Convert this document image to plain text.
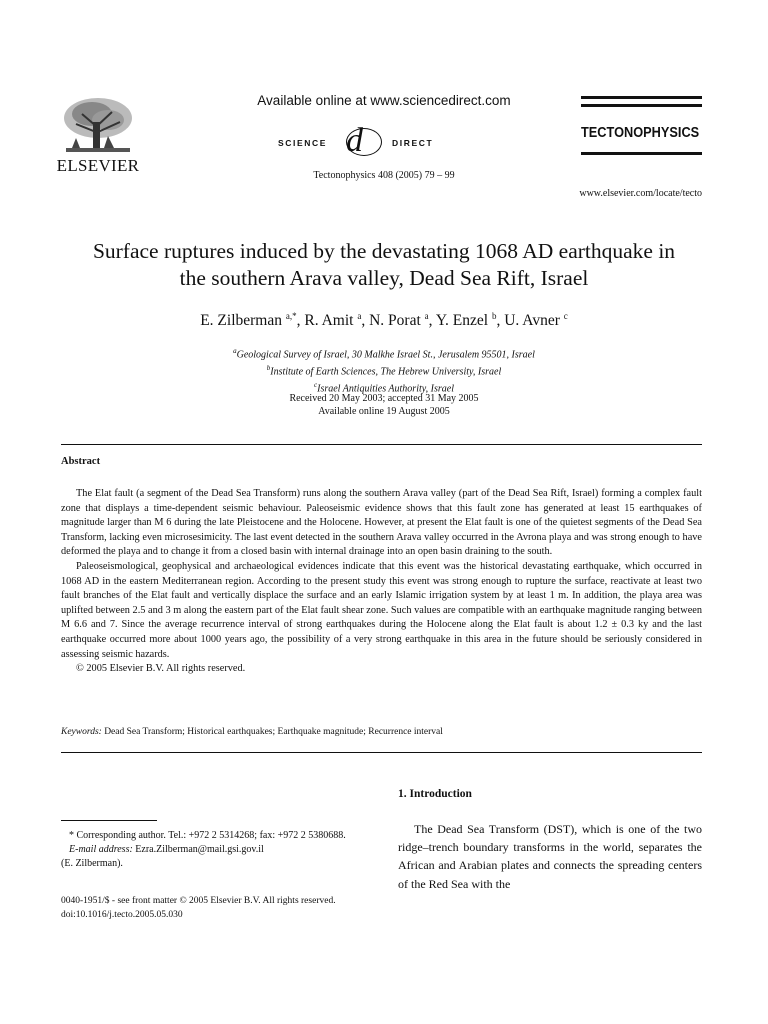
ELSEVIER
Available online at www.sciencedirect.com
SCIENCE d	DIRECT
Tectonophysics 408 (2005) 79 – 99
TECTONOPHYSICS
www.elsevier.com/locate/tecto
Surface ruptures induced by the devastating 1068 AD earthquake in
the southern Arava valley, Dead Sea Rift, Israel
E. Zilberman $^{a,*}$, R. Amit $^a$, N. Porat $^a$, Y. Enzel $^b$, U. Avner $^c$
$^a$Geological Survey of Israel, 30 Malkhe Israel St., Jerusalem 95501, Israel
$^b$Institute of Earth Sciences, The Hebrew University, Israel
$^c$Israel Antiquities Authority, Israel
Received 20 May 2003; accepted 31 May 2005
Available online 19 August 2005
Abstract

The Elat fault (a segment of the Dead Sea Transform) runs along the southern Arava valley (part of the Dead Sea Rift, Israel) forming a complex fault zone that displays a time-dependent seismic behaviour. Paleoseismic evidence shows that this fault zone has generated at least 15 earthquakes of magnitude larger than M 6 during the late Pleistocene and the Holocene. However, at present the Elat fault is one of the quietest segments of the Dead Sea Transform, lacking even microsesimicity. The last event detected in the southern Arava valley occurred in the Avrona playa and was strong enough to have deformed the playa and to change it from a closed basin with internal drainage into an open basin draining to the south.

Paleoseismological, geophysical and archaeological evidences indicate that this event was the historical devastating earthquake, which occurred in 1068 AD in the eastern Mediterranean region. According to the present study this event was strong enough to rupture the surface, reactivate at least two fault branches of the Elat fault and vertically displace the surface and an early Islamic irrigation system by at least 1 m. In addition, the playa area was uplifted between 2.5 and 3 m along the eastern part of the Elat fault shear zone. Such values are compatible with an earthquake magnitude ranging between M 6.6 and 7. Since the average recurrence interval of strong earthquakes during the Holocene along the Elat fault is about 1.2 ± 0.3 ky and the last earthquake occurred more about 1000 years ago, the possibility of a very strong earthquake in this area in the future should be seriously considered in assessing seismic hazards.

© 2005 Elsevier B.V. All rights reserved.

Keywords: Dead Sea Transform; Historical earthquakes; Earthquake magnitude; Recurrence interval
1. Introduction
The Dead Sea Transform (DST), which is one of the two ridge–trench boundary transforms in the world, separates the African and Arabian plates and connects the spreading centers of the Red Sea with the

* Corresponding author. Tel.: +972 2 5314268; fax: +972 2 5380688.

E-mail address: Ezra.Zilberman@mail.gsi.gov.il

(E. Zilberman).

0040-1951/$ - see front matter © 2005 Elsevier B.V. All rights reserved.
doi:10.1016/j.tecto.2005.05.030
